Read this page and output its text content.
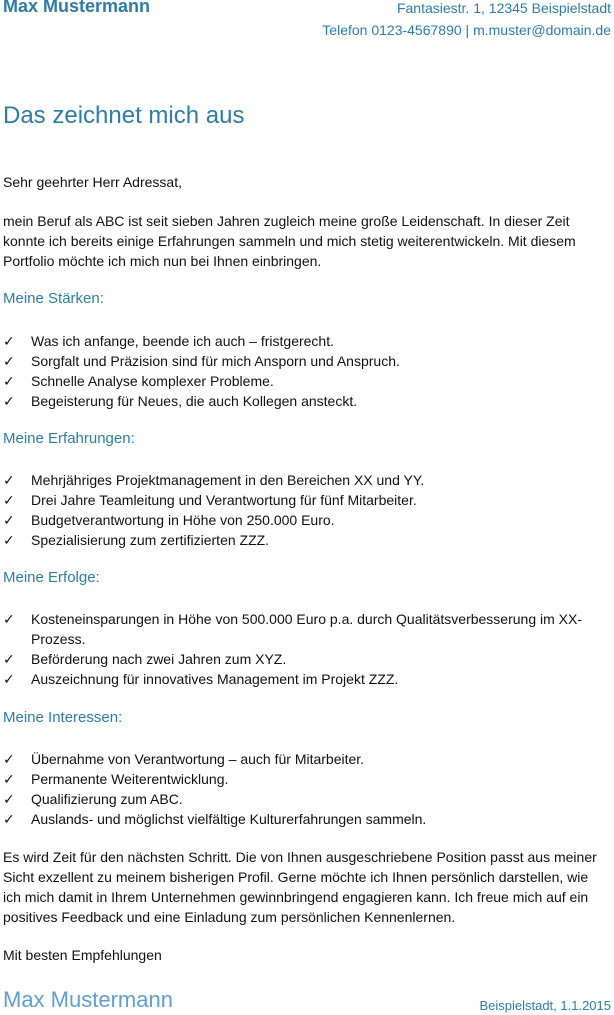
Max Mustermann	Fantasiestr. 1, 12345 Beispielstadt
Telefon 0123-4567890 | m.muster@domain.de
Das zeichnet mich aus
Sehr geehrter Herr Adressat,
mein Beruf als ABC ist seit sieben Jahren zugleich meine große Leidenschaft. In dieser Zeit konnte ich bereits einige Erfahrungen sammeln und mich stetig weiterentwickeln. Mit diesem Portfolio möchte ich mich nun bei Ihnen einbringen.
Meine Stärken:
✓	Was ich anfange, beende ich auch – fristgerecht.
✓	Sorgfalt und Präzision sind für mich Ansporn und Anspruch.
✓	Schnelle Analyse komplexer Probleme.
✓	Begeisterung für Neues, die auch Kollegen ansteckt.
Meine Erfahrungen:
✓	Mehrjähriges Projektmanagement in den Bereichen XX und YY.
✓	Drei Jahre Teamleitung und Verantwortung für fünf Mitarbeiter.
✓	Budgetverantwortung in Höhe von 250.000 Euro.
✓	Spezialisierung zum zertifizierten ZZZ.
Meine Erfolge:
✓	Kosteneinsparungen in Höhe von 500.000 Euro p.a. durch Qualitätsverbesserung im XX-Prozess.
✓	Beförderung nach zwei Jahren zum XYZ.
✓	Auszeichnung für innovatives Management im Projekt ZZZ.
Meine Interessen:
✓	Übernahme von Verantwortung – auch für Mitarbeiter.
✓	Permanente Weiterentwicklung.
✓	Qualifizierung zum ABC.
✓	Auslands- und möglichst vielfältige Kulturerfahrungen sammeln.
Es wird Zeit für den nächsten Schritt. Die von Ihnen ausgeschriebene Position passt aus meiner Sicht exzellent zu meinem bisherigen Profil. Gerne möchte ich Ihnen persönlich darstellen, wie ich mich damit in Ihrem Unternehmen gewinnbringend engagieren kann. Ich freue mich auf ein positives Feedback und eine Einladung zum persönlichen Kennenlernen.
Mit besten Empfehlungen
Max Mustermann	Beispielstadt, 1.1.2015
